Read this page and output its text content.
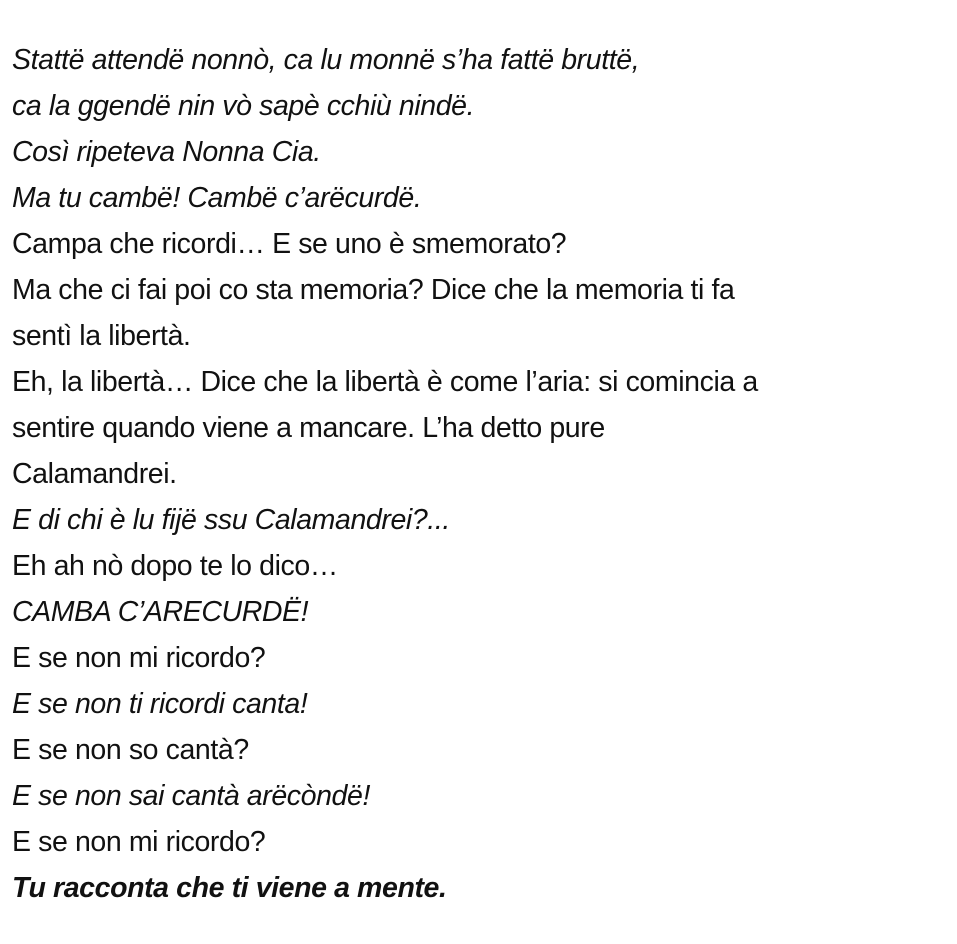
Stattë attendë nonnò, ca lu monnë s’ha fattë bruttë,
ca la ggendë nin vò sapè cchiù nindë.
Così ripeteva Nonna Cia.
Ma tu cambë! Cambë c’arëcurdë.
Campa che ricordi… E se uno è smemorato?
Ma che ci fai poi co sta memoria? Dice che la memoria ti fa
sentì la libertà.
Eh, la libertà… Dice che la libertà è come l’aria: si comincia a
sentire quando viene a mancare. L’ha detto pure
Calamandrei.
E di chi è lu fijë ssu Calamandrei?...
Eh ah nò dopo te lo dico…
CAMBA C’ARECURDË!
E se non mi ricordo?
E se non ti ricordi canta!
E se non so cantà?
E se non sai cantà arëcòndë!
E se non mi ricordo?
Tu racconta che ti viene a mente.
